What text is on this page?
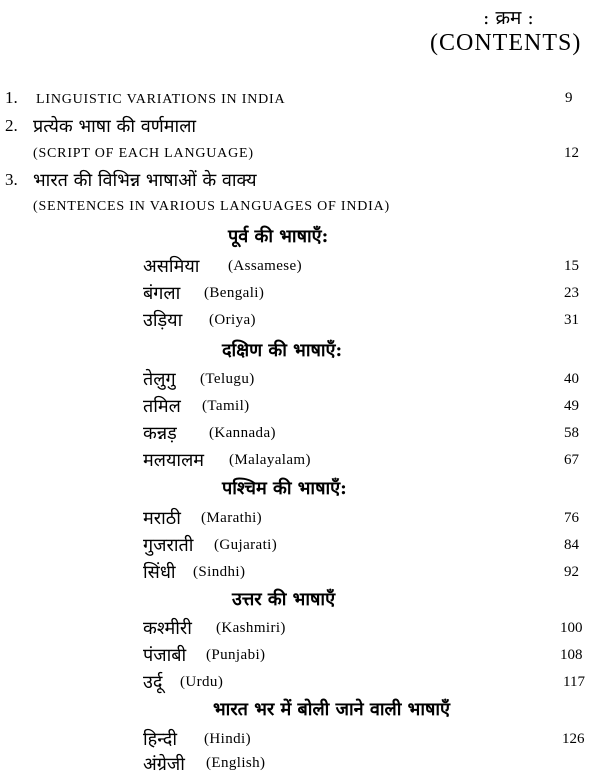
: क्रम :
(CONTENTS)
1. LINGUISTIC VARIATIONS IN INDIA	9
2. प्रत्येक भाषा की वर्णमाला
(SCRIPT OF EACH LANGUAGE)	12
3. भारत की विभिन्न भाषाओं के वाक्य
(SENTENCES IN VARIOUS LANGUAGES OF INDIA)
पूर्व की भाषाएँ:
असमिया (Assamese)	15
बंगला (Bengali)	23
उड़िया (Oriya)	31
दक्षिण की भाषाएँ:
तेलुगु (Telugu)	40
तमिल (Tamil)	49
कन्नड़ (Kannada)	58
मलयालम (Malayalam)	67
पश्चिम की भाषाएँ:
मराठी (Marathi)	76
गुजराती (Gujarati)	84
सिंधी (Sindhi)	92
उत्तर की भाषाएँ
कश्मीरी (Kashmiri)	100
पंजाबी (Punjabi)	108
उर्दू (Urdu)	117
भारत भर में बोली जाने वाली भाषाएँ
हिन्दी (Hindi)	126
अंग्रेजी (English)
